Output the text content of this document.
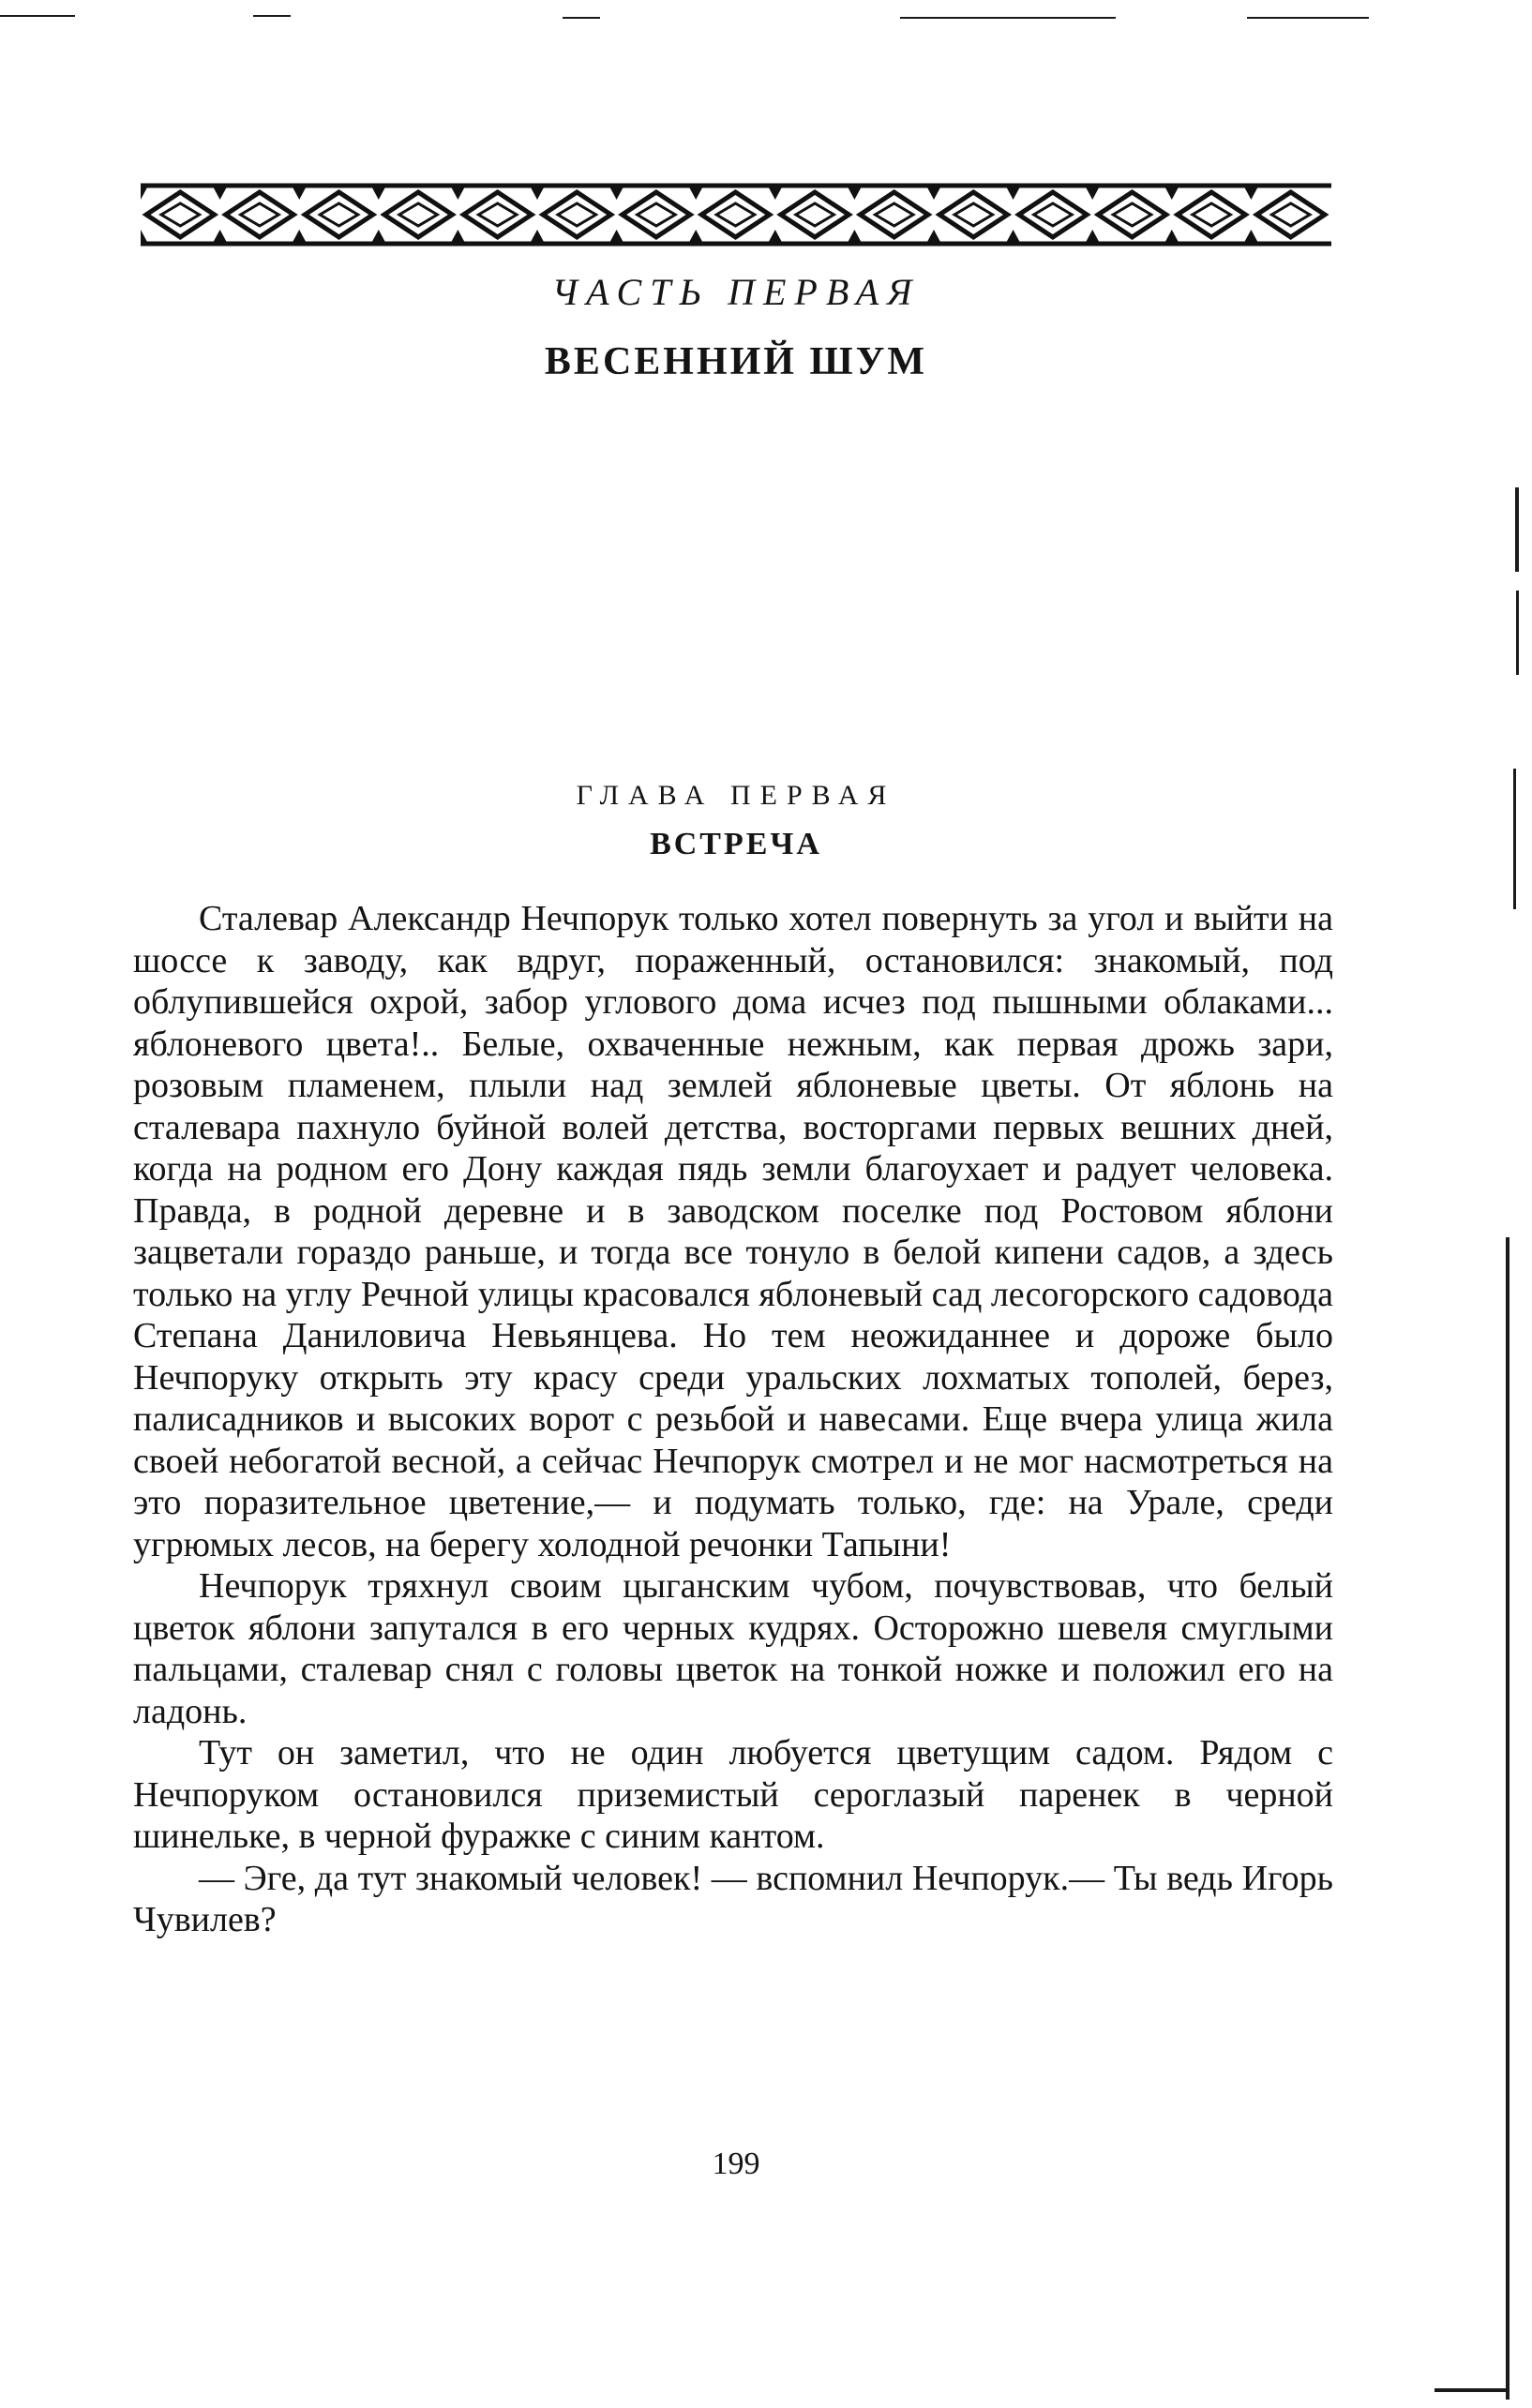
ЧАСТЬ ПЕРВАЯ
ВЕСЕННИЙ ШУМ
ГЛАВА ПЕРВАЯ
ВСТРЕЧА

Сталевар Александр Нечпорук только хотел повернуть за угол и выйти на шоссе к заводу, как вдруг, пораженный, остановился: знакомый, под облупившейся охрой, забор углового дома исчез под пышными облаками... яблоневого цвета!.. Белые, охваченные нежным, как первая дрожь зари, розовым пламенем, плыли над землей яблоневые цветы. От яблонь на сталевара пахнуло буйной волей детства, восторгами первых вешних дней, когда на родном его Дону каждая пядь земли благоухает и радует человека. Правда, в родной деревне и в заводском поселке под Ростовом яблони зацветали гораздо раньше, и тогда все тонуло в белой кипени садов, а здесь только на углу Речной улицы красовался яблоневый сад лесогорского садовода Степана Даниловича Невьянцева. Но тем неожиданнее и дороже было Нечпоруку открыть эту красу среди уральских лохматых тополей, берез, палисадников и высоких ворот с резьбой и навесами. Еще вчера улица жила своей небогатой весной, а сейчас Нечпорук смотрел и не мог насмотреться на это поразительное цветение,— и подумать только, где: на Урале, среди угрюмых лесов, на берегу холодной речонки Тапыни!

Нечпорук тряхнул своим цыганским чубом, почувствовав, что белый цветок яблони запутался в его черных кудрях. Осторожно шевеля смуглыми пальцами, сталевар снял с головы цветок на тонкой ножке и положил его на ладонь.

Тут он заметил, что не один любуется цветущим садом. Рядом с Нечпоруком остановился приземистый сероглазый паренек в черной шинельке, в черной фуражке с синим кантом.

— Эге, да тут знакомый человек! — вспомнил Нечпорук.— Ты ведь Игорь Чувилев?

199
